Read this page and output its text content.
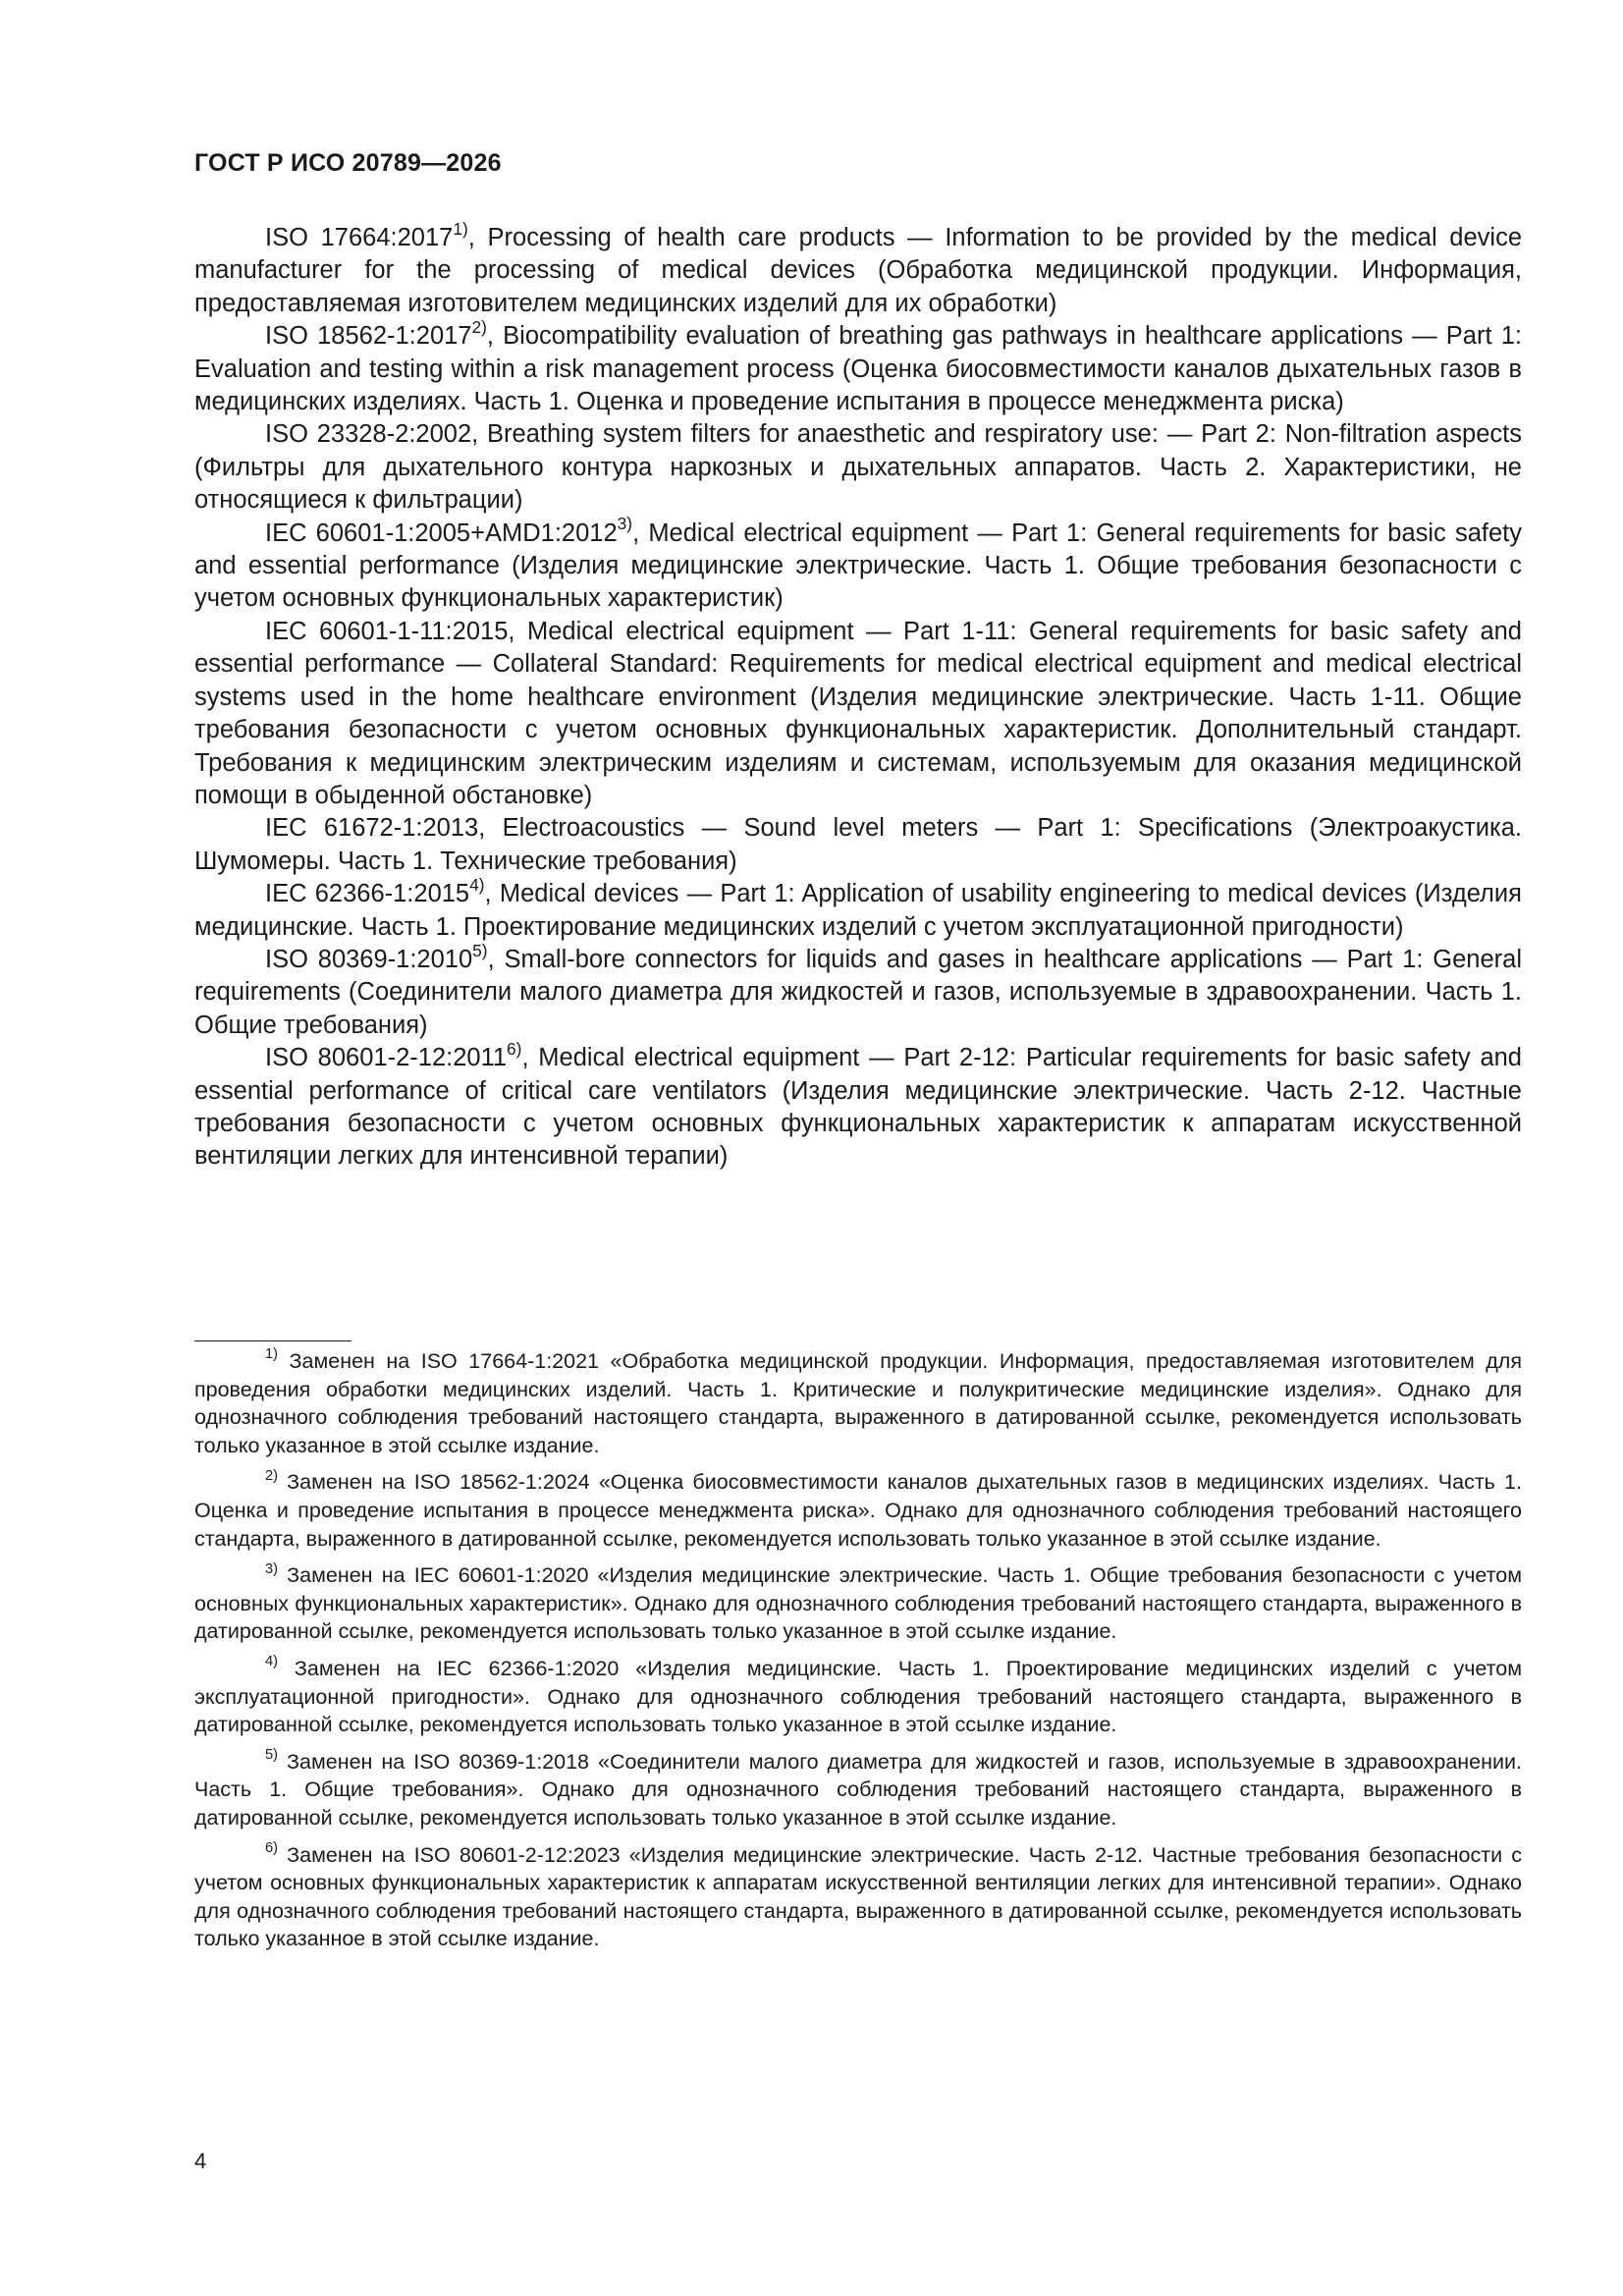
ГОСТ Р ИСО 20789—2026

ISO 17664:2017$^{1)}$, Processing of health care products — Information to be provided by the medical device manufacturer for the processing of medical devices (Обработка медицинской продукции. Информация, предоставляемая изготовителем медицинских изделий для их обработки)

ISO 18562-1:2017$^{2)}$, Biocompatibility evaluation of breathing gas pathways in healthcare applications — Part 1: Evaluation and testing within a risk management process (Оценка биосовместимости каналов дыхательных газов в медицинских изделиях. Часть 1. Оценка и проведение испытания в процессе менеджмента риска)

ISO 23328-2:2002, Breathing system filters for anaesthetic and respiratory use: — Part 2: Non-filtration aspects (Фильтры для дыхательного контура наркозных и дыхательных аппаратов. Часть 2. Характеристики, не относящиеся к фильтрации)

IEC $60601-1:2005+AMD1:2012^{3)}$, Medical electrical equipment — Part 1: General requirements for basic safety and essential performance (Изделия медицинские электрические. Часть 1. Общие требования безопасности с учетом основных функциональных характеристик)

IEC 60601-1-11:2015, Medical electrical equipment — Part 1-11: General requirements for basic safety and essential performance — Collateral Standard: Requirements for medical electrical equipment and medical electrical systems used in the home healthcare environment (Изделия медицинские электрические. Часть 1-11. Общие требования безопасности с учетом основных функциональных характеристик. Дополнительный стандарт. Требования к медицинским электрическим изделиям и системам, используемым для оказания медицинской помощи в обыденной обстановке)

IEC 61672-1:2013, Electroacoustics — Sound level meters — Part 1: Specifications (Электроакустика. Шумомеры. Часть 1. Технические требования)

IEC 62366-1:2015$^{4)}$, Medical devices — Part 1: Application of usability engineering to medical devices (Изделия медицинские. Часть 1. Проектирование медицинских изделий с учетом эксплуатационной пригодности)

ISO 80369-1:2010$^{5)}$, Small-bore connectors for liquids and gases in healthcare applications — Part 1: General requirements (Соединители малого диаметра для жидкостей и газов, используемые в здравоохранении. Часть 1. Общие требования)

ISO 80601-2-12:2011$^{6)}$, Medical electrical equipment — Part 2-12: Particular requirements for basic safety and essential performance of critical care ventilators (Изделия медицинские электрические. Часть 2-12. Частные требования безопасности с учетом основных функциональных характеристик к аппаратам искусственной вентиляции легких для интенсивной терапии)

$^{1)}$ Заменен на ISO 17664-1:2021 «Обработка медицинской продукции. Информация, предоставляемая изготовителем для проведения обработки медицинских изделий. Часть 1. Критические и полукритические медицинские изделия». Однако для однозначного соблюдения требований настоящего стандарта, выраженного в датированной ссылке, рекомендуется использовать только указанное в этой ссылке издание.

$^{2)}$ Заменен на ISO 18562-1:2024 «Оценка биосовместимости каналов дыхательных газов в медицинских изделиях. Часть 1. Оценка и проведение испытания в процессе менеджмента риска». Однако для однозначного соблюдения требований настоящего стандарта, выраженного в датированной ссылке, рекомендуется использовать только указанное в этой ссылке издание.

$^{3)}$ Заменен на IEC 60601-1:2020 «Изделия медицинские электрические. Часть 1. Общие требования безопасности с учетом основных функциональных характеристик». Однако для однозначного соблюдения требований настоящего стандарта, выраженного в датированной ссылке, рекомендуется использовать только указанное в этой ссылке издание.

$^{4)}$ Заменен на IEC 62366-1:2020 «Изделия медицинские. Часть 1. Проектирование медицинских изделий с учетом эксплуатационной пригодности». Однако для однозначного соблюдения требований настоящего стандарта, выраженного в датированной ссылке, рекомендуется использовать только указанное в этой ссылке издание.

$^{5)}$ Заменен на ISO 80369-1:2018 «Соединители малого диаметра для жидкостей и газов, используемые в здравоохранении. Часть 1. Общие требования». Однако для однозначного соблюдения требований настоящего стандарта, выраженного в датированной ссылке, рекомендуется использовать только указанное в этой ссылке издание.

$^{6)}$ Заменен на ISO 80601-2-12:2023 «Изделия медицинские электрические. Часть 2-12. Частные требования безопасности с учетом основных функциональных характеристик к аппаратам искусственной вентиляции легких для интенсивной терапии». Однако для однозначного соблюдения требований настоящего стандарта, выраженного в датированной ссылке, рекомендуется использовать только указанное в этой ссылке издание.

4
